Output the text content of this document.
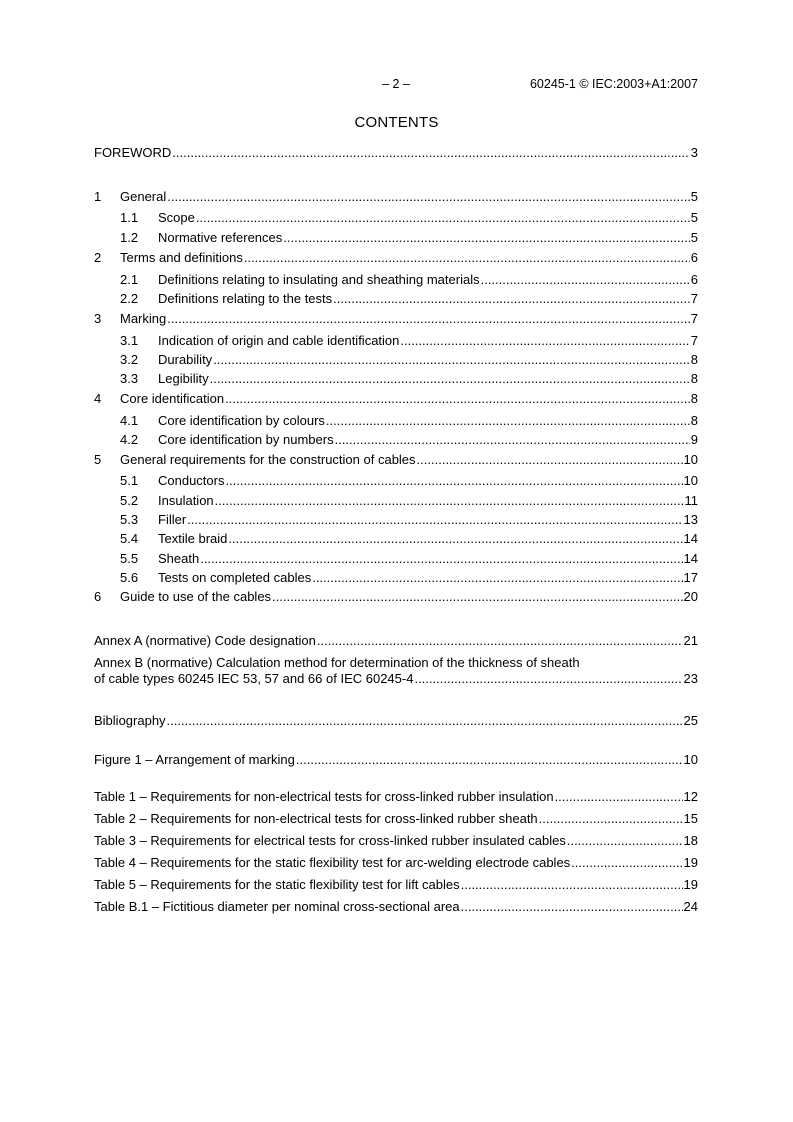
– 2 –	60245-1 © IEC:2003+A1:2007
CONTENTS
FOREWORD .....	3
1	General .....	5
1.1	Scope .....	5
1.2	Normative references .....	5
2	Terms and definitions .....	6
2.1	Definitions relating to insulating and sheathing materials .....	6
2.2	Definitions relating to the tests .....	7
3	Marking .....	7
3.1	Indication of origin and cable identification .....	7
3.2	Durability .....	8
3.3	Legibility .....	8
4	Core identification .....	8
4.1	Core identification by colours .....	8
4.2	Core identification by numbers .....	9
5	General requirements for the construction of cables .....	10
5.1	Conductors .....	10
5.2	Insulation .....	11
5.3	Filler .....	13
5.4	Textile braid .....	14
5.5	Sheath .....	14
5.6	Tests on completed cables .....	17
6	Guide to use of the cables .....	20
Annex A (normative) Code designation .....	21
Annex B (normative) Calculation method for determination of the thickness of sheath
of cable types 60245 IEC 53, 57 and 66 of IEC 60245-4 .....	23
Bibliography .....	25
Figure 1 – Arrangement of marking .....	10
Table 1 – Requirements for non-electrical tests for cross-linked rubber insulation .....	12
Table 2 – Requirements for non-electrical tests for cross-linked rubber sheath .....	15
Table 3 – Requirements for electrical tests for cross-linked rubber insulated cables .....	18
Table 4 – Requirements for the static flexibility test for arc-welding electrode cables .....	19
Table 5 – Requirements for the static flexibility test for lift cables .....	19
Table B.1 – Fictitious diameter per nominal cross-sectional area .....	24
